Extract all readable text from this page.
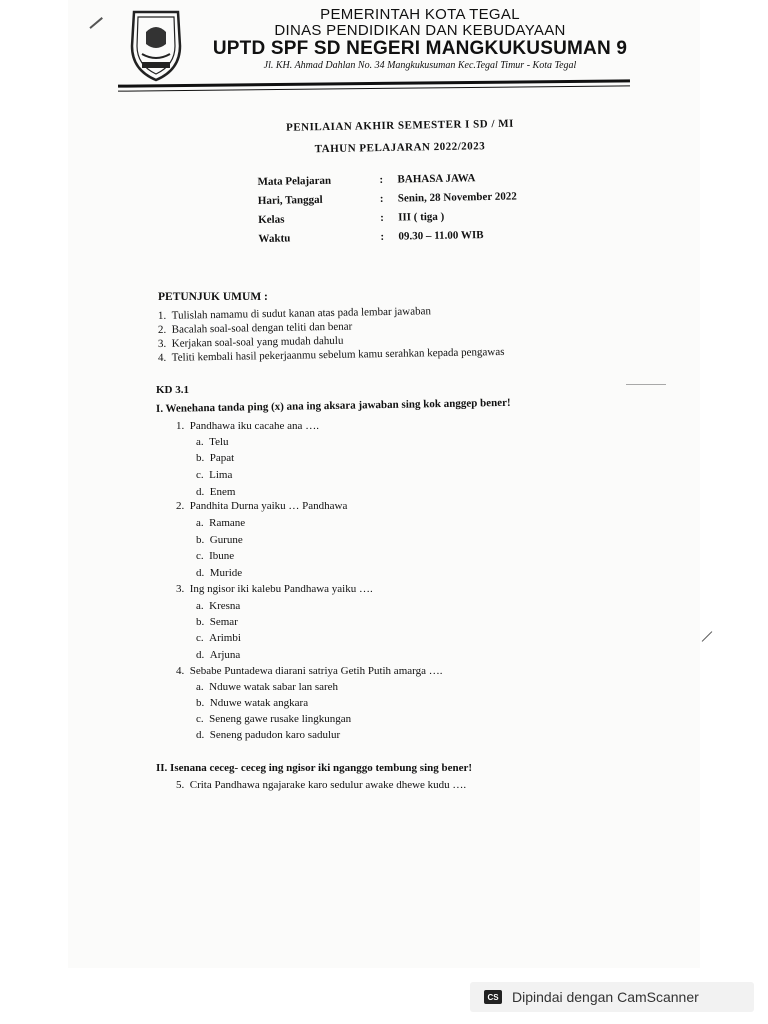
PEMERINTAH KOTA TEGAL
DINAS PENDIDIKAN DAN KEBUDAYAAN
UPTD SPF SD NEGERI MANGKUKUSUMAN 9
Jl. KH. Ahmad Dahlan No. 34 Mangkukusuman Kec.Tegal Timur - Kota Tegal
PENILAIAN AKHIR SEMESTER I SD / MI
TAHUN PELAJARAN 2022/2023
Mata Pelajaran	:	BAHASA JAWA
Hari, Tanggal	:	Senin, 28 November 2022
Kelas	:	III ( tiga )
Waktu	:	09.30 – 11.00 WIB
PETUNJUK UMUM :
1. Tulislah namamu di sudut kanan atas pada lembar jawaban
2. Bacalah soal-soal dengan teliti dan benar
3. Kerjakan soal-soal yang mudah dahulu
4. Teliti kembali hasil pekerjaanmu sebelum kamu serahkan kepada pengawas
KD 3.1
I. Wenehana tanda ping (x) ana ing aksara jawaban sing kok anggep bener!
1. Pandhawa iku cacahe ana ….
a. Telu
b. Papat
c. Lima
d. Enem
2. Pandhita Durna yaiku … Pandhawa
a. Ramane
b. Gurune
c. Ibune
d. Muride
3. Ing ngisor iki kalebu Pandhawa yaiku ….
a. Kresna
b. Semar
c. Arimbi
d. Arjuna
4. Sebabe Puntadewa diarani satriya Getih Putih amarga ….
a. Nduwe watak sabar lan sareh
b. Nduwe watak angkara
c. Seneng gawe rusake lingkungan
d. Seneng padudon karo sadulur
II. Isenana ceceg- ceceg ing ngisor iki nganggo tembung sing bener!
5. Crita Pandhawa ngajarake karo sedulur awake dhewe kudu ….
CS Dipindai dengan CamScanner
